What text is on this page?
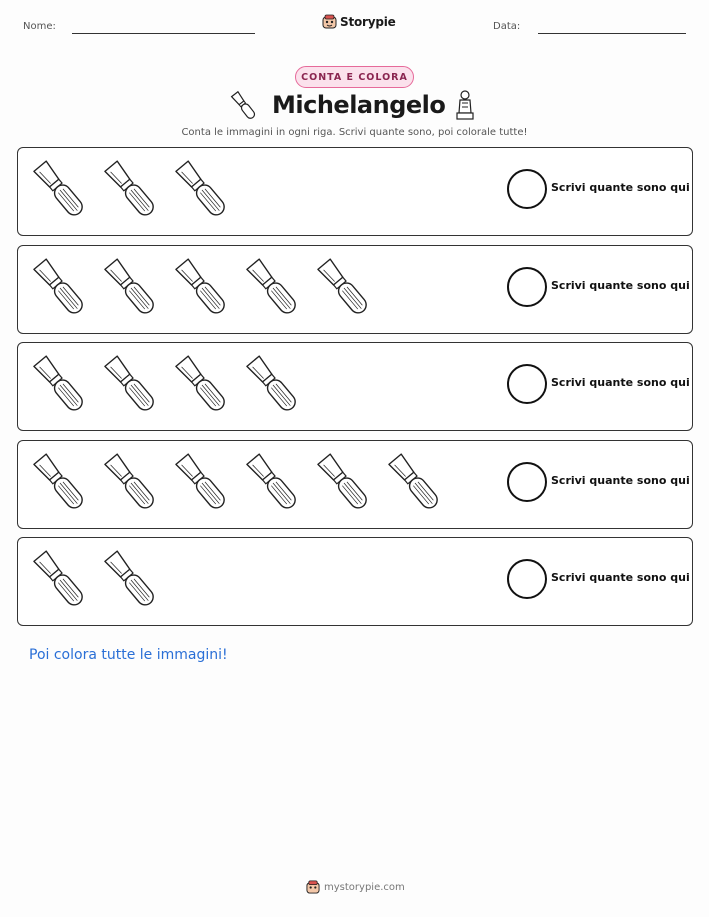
Nome:	Storypie	Data:
CONTA E COLORA
Michelangelo
Conta le immagini in ogni riga. Scrivi quante sono, poi colorale tutte!
Scrivi quante sono qui
Scrivi quante sono qui
Scrivi quante sono qui
Scrivi quante sono qui
Scrivi quante sono qui
Poi colora tutte le immagini!
mystorypie.com
